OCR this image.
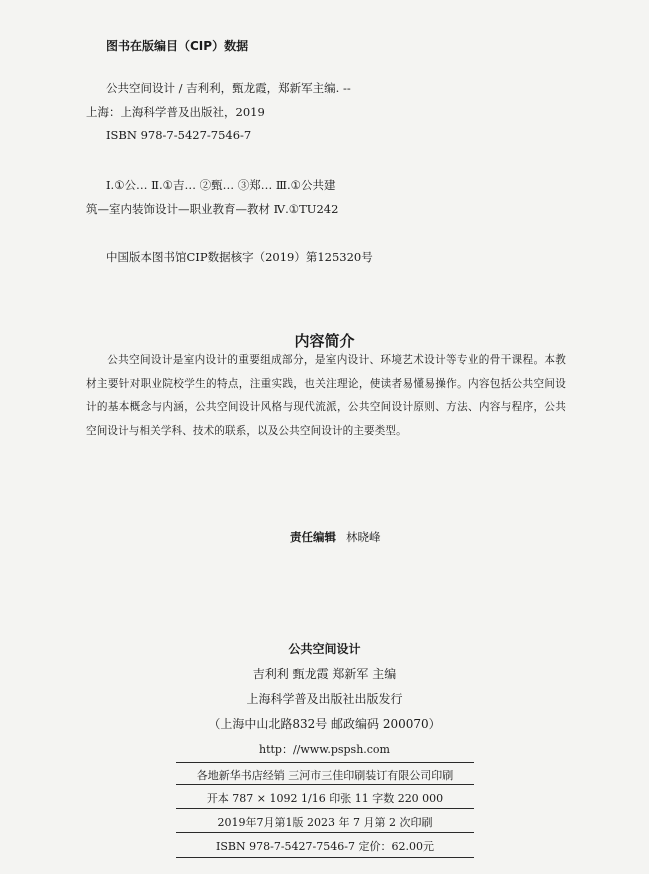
图书在版编目（CIP）数据
公共空间设计 / 吉利利，甄龙霞，郑新军主编. --
上海：上海科学普及出版社，2019
ISBN 978-7-5427-7546-7
Ⅰ.①公… Ⅱ.①吉… ②甄… ③郑… Ⅲ.①公共建
筑—室内装饰设计—职业教育—教材 Ⅳ.①TU242
中国版本图书馆CIP数据核字（2019）第125320号
内容简介
公共空间设计是室内设计的重要组成部分，是室内设计、环境艺术设计等专业的骨干课程。本教材主要针对职业院校学生的特点，注重实践，也关注理论，使读者易懂易操作。内容包括公共空间设计的基本概念与内涵，公共空间设计风格与现代流派，公共空间设计原则、方法、内容与程序，公共空间设计与相关学科、技术的联系，以及公共空间设计的主要类型。
责任编辑 林晓峰
公共空间设计
吉利利 甄龙霞 郑新军 主编
上海科学普及出版社出版发行
（上海中山北路832号 邮政编码 200070）
http：//www.pspsh.com
各地新华书店经销 三河市三佳印刷装订有限公司印刷
开本 787 × 1092 1/16 印张 11 字数 220 000
2019年7月第1版 2023 年 7 月第 2 次印刷
ISBN 978-7-5427-7546-7 定价：62.00元
